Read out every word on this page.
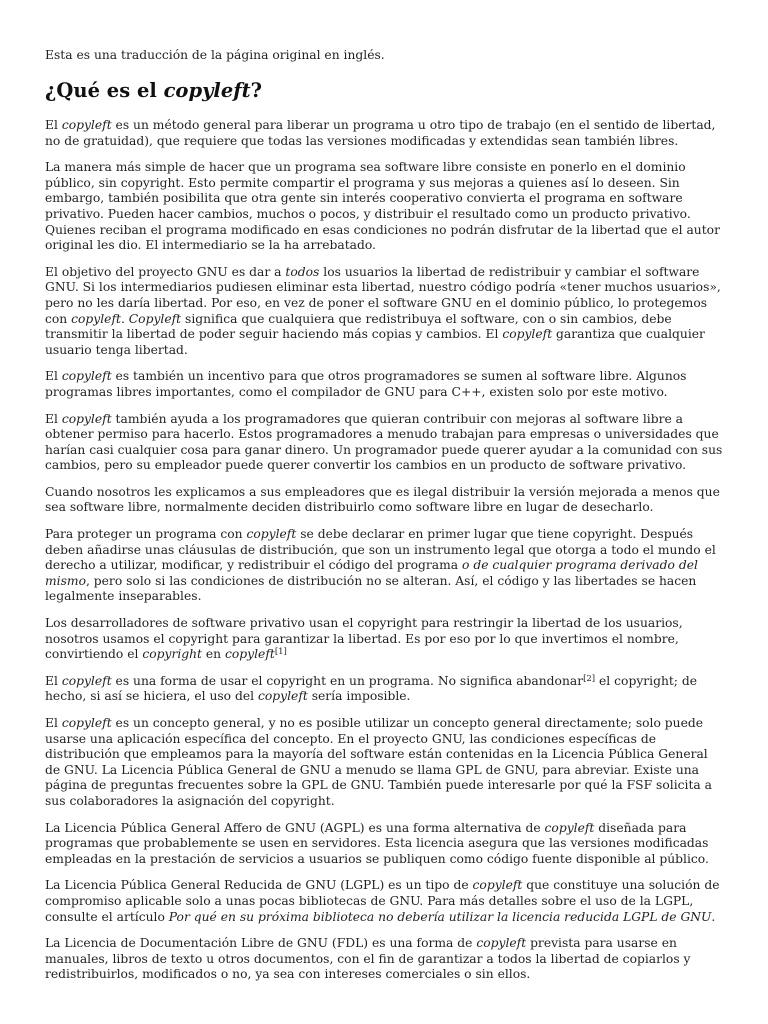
Esta es una traducción de la página original en inglés.

¿Qué es el copyleft?

El copyleft es un método general para liberar un programa u otro tipo de trabajo (en el sentido de libertad, no de gratuidad), que requiere que todas las versiones modificadas y extendidas sean también libres.

La manera más simple de hacer que un programa sea software libre consiste en ponerlo en el dominio público, sin copyright. Esto permite compartir el programa y sus mejoras a quienes así lo deseen. Sin embargo, también posibilita que otra gente sin interés cooperativo convierta el programa en software privativo. Pueden hacer cambios, muchos o pocos, y distribuir el resultado como un producto privativo. Quienes reciban el programa modificado en esas condiciones no podrán disfrutar de la libertad que el autor original les dio. El intermediario se la ha arrebatado.

El objetivo del proyecto GNU es dar a todos los usuarios la libertad de redistribuir y cambiar el software GNU. Si los intermediarios pudiesen eliminar esta libertad, nuestro código podría «tener muchos usuarios», pero no les daría libertad. Por eso, en vez de poner el software GNU en el dominio público, lo protegemos con copyleft. Copyleft significa que cualquiera que redistribuya el software, con o sin cambios, debe transmitir la libertad de poder seguir haciendo más copias y cambios. El copyleft garantiza que cualquier usuario tenga libertad.

El copyleft es también un incentivo para que otros programadores se sumen al software libre. Algunos programas libres importantes, como el compilador de GNU para C++, existen solo por este motivo.

El copyleft también ayuda a los programadores que quieran contribuir con mejoras al software libre a obtener permiso para hacerlo. Estos programadores a menudo trabajan para empresas o universidades que harían casi cualquier cosa para ganar dinero. Un programador puede querer ayudar a la comunidad con sus cambios, pero su empleador puede querer convertir los cambios en un producto de software privativo.

Cuando nosotros les explicamos a sus empleadores que es ilegal distribuir la versión mejorada a menos que sea software libre, normalmente deciden distribuirlo como software libre en lugar de desecharlo.

Para proteger un programa con copyleft se debe declarar en primer lugar que tiene copyright. Después deben añadirse unas cláusulas de distribución, que son un instrumento legal que otorga a todo el mundo el derecho a utilizar, modificar, y redistribuir el código del programa o de cualquier programa derivado del mismo, pero solo si las condiciones de distribución no se alteran. Así, el código y las libertades se hacen legalmente inseparables.

Los desarrolladores de software privativo usan el copyright para restringir la libertad de los usuarios, nosotros usamos el copyright para garantizar la libertad. Es por eso por lo que invertimos el nombre, convirtiendo el copyright en copyleft[1]

El copyleft es una forma de usar el copyright en un programa. No significa abandonar[2] el copyright; de hecho, si así se hiciera, el uso del copyleft sería imposible.

El copyleft es un concepto general, y no es posible utilizar un concepto general directamente; solo puede usarse una aplicación específica del concepto. En el proyecto GNU, las condiciones específicas de distribución que empleamos para la mayoría del software están contenidas en la Licencia Pública General de GNU. La Licencia Pública General de GNU a menudo se llama GPL de GNU, para abreviar. Existe una página de preguntas frecuentes sobre la GPL de GNU. También puede interesarle por qué la FSF solicita a sus colaboradores la asignación del copyright.

La Licencia Pública General Affero de GNU (AGPL) es una forma alternativa de copyleft diseñada para programas que probablemente se usen en servidores. Esta licencia asegura que las versiones modificadas empleadas en la prestación de servicios a usuarios se publiquen como código fuente disponible al público.

La Licencia Pública General Reducida de GNU (LGPL) es un tipo de copyleft que constituye una solución de compromiso aplicable solo a unas pocas bibliotecas de GNU. Para más detalles sobre el uso de la LGPL, consulte el artículo Por qué en su próxima biblioteca no debería utilizar la licencia reducida LGPL de GNU.

La Licencia de Documentación Libre de GNU (FDL) es una forma de copyleft prevista para usarse en manuales, libros de texto u otros documentos, con el fin de garantizar a todos la libertad de copiarlos y redistribuirlos, modificados o no, ya sea con intereses comerciales o sin ellos.
